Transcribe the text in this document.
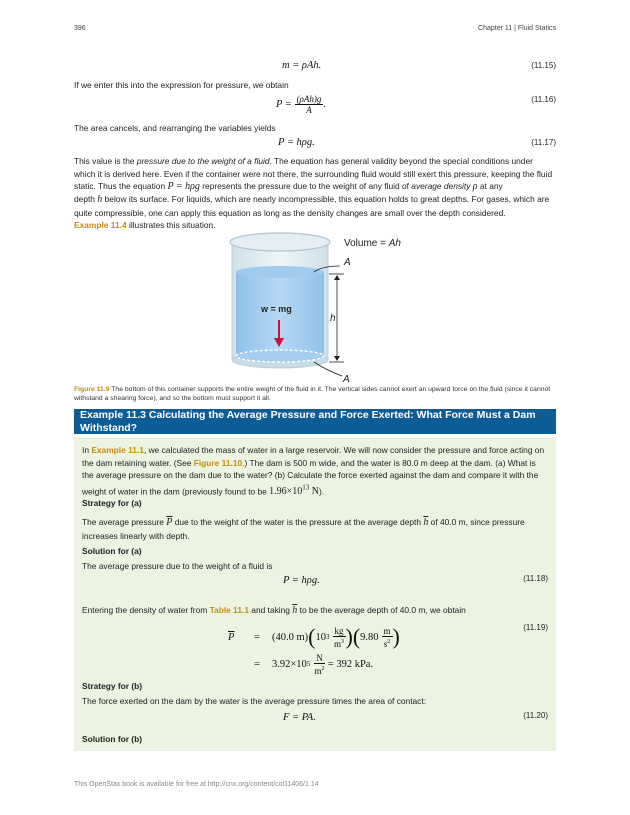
396	Chapter 11 | Fluid Statics
m = ρAh.	(11.15)
If we enter this into the expression for pressure, we obtain
$P = \frac{\text{(ρAh)g}}{A}$ .	(11.16)
The area cancels, and rearranging the variables yields
P = hρg.	(11.17)
This value is the pressure due to the weight of a fluid. The equation has general validity beyond the special conditions under which it is derived here. Even if the container were not there, the surrounding fluid would still exert this pressure, keeping the fluid static. Thus the equation P = hρg represents the pressure due to the weight of any fluid of average density ρ at any
depth h below its surface. For liquids, which are nearly incompressible, this equation holds to great depths. For gases, which are quite compressible, one can apply this equation as long as the density changes are small over the depth considered.
Example 11.4 illustrates this situation.
Volume = Ah
A
h
A
w = mg
Figure 11.9 The bottom of this container supports the entire weight of the fluid in it. The vertical sides cannot exert an upward force on the fluid (since it cannot withstand a shearing force), and so the bottom must support it all.
Example 11.3 Calculating the Average Pressure and Force Exerted: What Force Must a Dam Withstand?
In Example 11.1, we calculated the mass of water in a large reservoir. We will now consider the pressure and force acting on the dam retaining water. (See Figure 11.10.) The dam is 500 m wide, and the water is 80.0 m deep at the dam. (a) What is the average pressure on the dam due to the water? (b) Calculate the force exerted against the dam and compare it with the weight of water in the dam (previously found to be $1.96\times 10^{13}$ N).
Strategy for (a)
The average pressure $\overline{P}$ due to the weight of the water is the pressure at the average depth $\overline{h}$ of 40.0 m, since pressure increases linearly with depth.
Solution for (a)
The average pressure due to the weight of a fluid is
P = hρg.	(11.18)
Entering the density of water from Table 11.1 and taking $\overline{h}$ to be the average depth of 40.0 m, we obtain
$\overline{P}$	=	(40.0 m) ( 10 $3 \frac{kg}{m^3}$ ) ( $9.80 \frac{m}{s^2}$ )
=	3.92×10 $5 \frac{N}{m^2} = 392$ kPa.
(11.19)
Strategy for (b)
The force exerted on the dam by the water is the average pressure times the area of contact:
F = PA.	(11.20)
Solution for (b)
This OpenStax book is available for free at http://cnx.org/content/col11406/1.14
